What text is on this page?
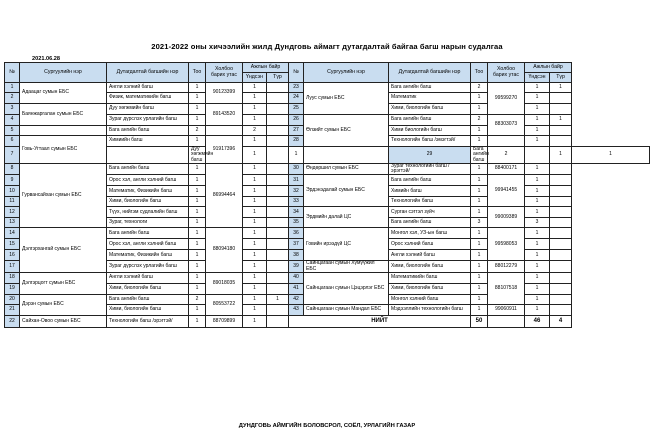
2021-2022 оны хичээлийн жилд Дундговь аймагт дутагдалтай байгаа багш нарын судалгаа
2021.06.28
№	Сургуулийн нэр	Дутагдалтай багшийн нэр	Тоо	Холбоо барих утас	Ажлын байр		№	Сургуулийн нэр	Дутагдалтай багшийн нэр	Тоо	Холбоо барих утас	Ажлын байр		
					Үндсэн	Түр						Үндсэн	Түр	
1	Адаацаг сумын ЕБС	Англи хэлний багш	1	90123399	1		23	Луус сумын ЕБС	Бага ангийн багш	2	99599270	1	1	
2		Физик, математикийн багш	1		1		24		Математик	1		1		
3	Баянжаргалан сумын ЕБС	Дуу хөгжмийн багш	1	89143520	1		25		Хими, биологийн багш	1		1		
4		Зураг дүрслэх урлагийн багш	1		1		26	Өлзийт сумын ЕБС	Бага ангийн багш	2	88303073	1	1	
5		Бага ангийн багш	2		2		27		Хими биологийн багш	1		1		
6	Говь-Угтаал сумын ЕБС	Химиийн багш	1	91917396	1		28		Технологийн багш /эмэгтэй/	1		1		
7			Дуу хөгжмийн багш		1		1		29	Бага ангийн багш	2		1	1
8	Гурвансайхан сумын ЕБС	Бага ангийн багш	1	86994464	1		30	Өндөршил сумын ЕБС	Зураг технологийн багш /эрэгтэй/	1	88400171	1		
9		Орос хэл, англи хэлний багш	1		1		31	Эрдэнэдалай сумын ЕБС	Бага ангийн багш	1	99941455	1		
10		Математик, Физикийн багш	1		1		32		Химийн багш	1		1		
11		Хими, биологийн багш	1		1		33		Технологийн багш	1		1		
12		Түүх, нийгэм судлалийн багш	1		1		34	Эрдмийн далай ЦС	Сурган сэтгэл зүйч	1	99009389	1		
13		Зураг, технологи	1		1		35		Бага ангийн багш	3		3		
14	Дэлгэрхангай сумын ЕБС	Бага ангийн багш	1	88094180	1		36	Говийн ирээдүй ЦС	Монгол хэл, УЗ-ын багш	1	99598053	1		
15		Орос хэл, англи хэлний багш	1		1		37		Орос хэлний багш	1		1		
16		Математик, Физикийн багш	1		1		38		Англи хэлний багш	1		1		
17		Зураг дүрслэх урлагийн багш	1		1		39	Сайнцагаан сумын Хүмүүжил ЕБС	Хими, биологийн багш	1	88012279	1		
18	Дэлгэрцогт сумын ЕБС	Англи хэлний багш	1	89018035	1		40	Сайнцагаан сумын Цэцэрлэг ЕБС	Математикийн багш	1	88107518	1		
19		Хими, биологийн багш	1		1		41		Хими, биологийн багш	1		1		
20	Дэрэн сумын ЕБС	Бага ангийн багш	2	80553722	1	1	42		Монгол хэлний багш	1		1		
21		Хими, биологийн багш	1		1		43	Сайнцагаан сумын Мандал ЕБС	Мэдээллийн технологийн багш	1	99060911	1		
22	Сайхан-Овоо сумын ЕБС	Технологийн багш /эрэгтэй/	1	88709899	1		НИЙТ			50		46	4	
ДУНДГОВЬ АЙМГИЙН БОЛОВСРОЛ, СОЁЛ, УРЛАГИЙН ГАЗАР
